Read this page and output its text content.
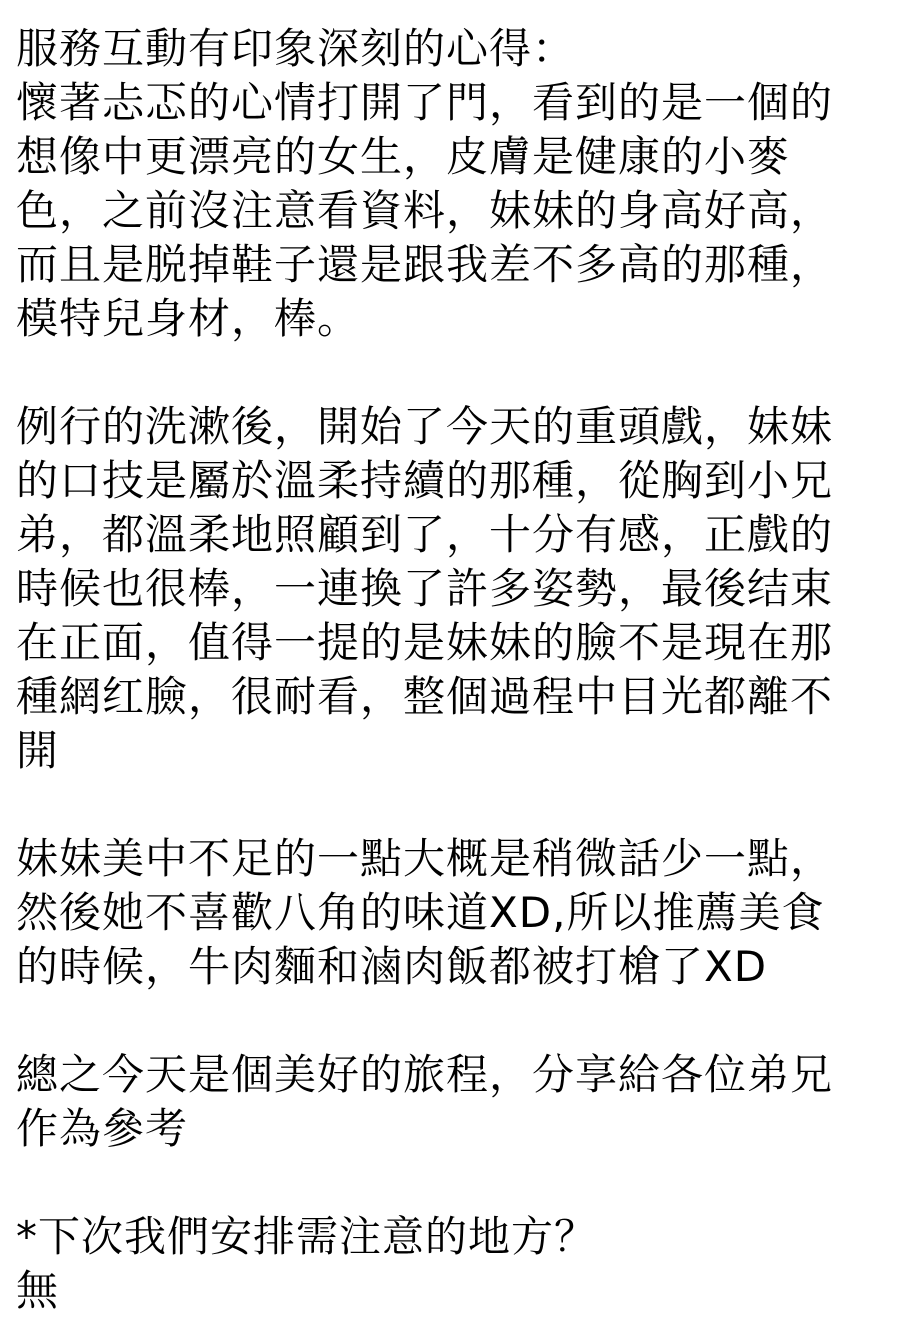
服務互動有印象深刻的心得：
懷著忐忑的心情打開了門，看到的是一個的
想像中更漂亮的女生，皮膚是健康的小麥
色，之前沒注意看資料，妹妹的身高好高，
而且是脱掉鞋子還是跟我差不多高的那種，
模特兒身材，棒。
例行的洗漱後，開始了今天的重頭戲，妹妹
的口技是屬於溫柔持續的那種，從胸到小兄
弟，都溫柔地照顧到了，十分有感，正戲的
時候也很棒，一連換了許多姿勢，最後结束
在正面，值得一提的是妹妹的臉不是現在那
種網红臉，很耐看，整個過程中目光都離不
開
妹妹美中不足的一點大概是稍微話少一點，
然後她不喜歡八角的味道XD,所以推薦美食
的時候，牛肉麵和滷肉飯都被打槍了XD
總之今天是個美好的旅程，分享給各位弟兄
作為參考
*下次我們安排需注意的地方？
無
